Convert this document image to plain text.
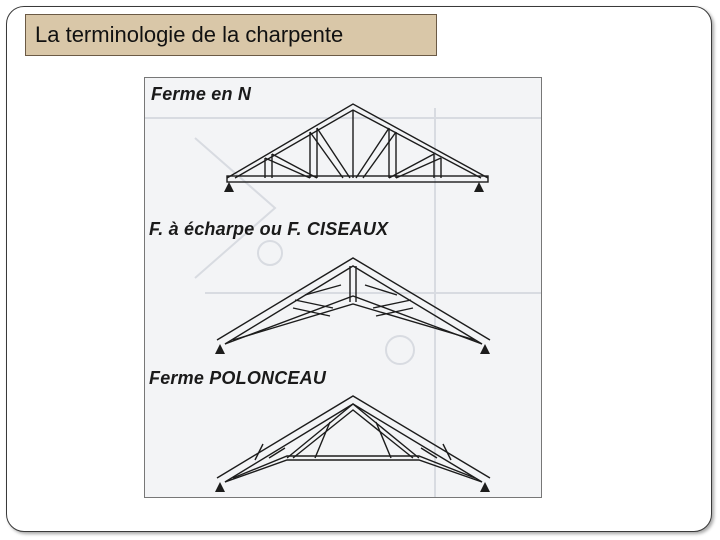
La terminologie de la charpente
Ferme en N
F. à écharpe ou F. CISEAUX
Ferme POLONCEAU
